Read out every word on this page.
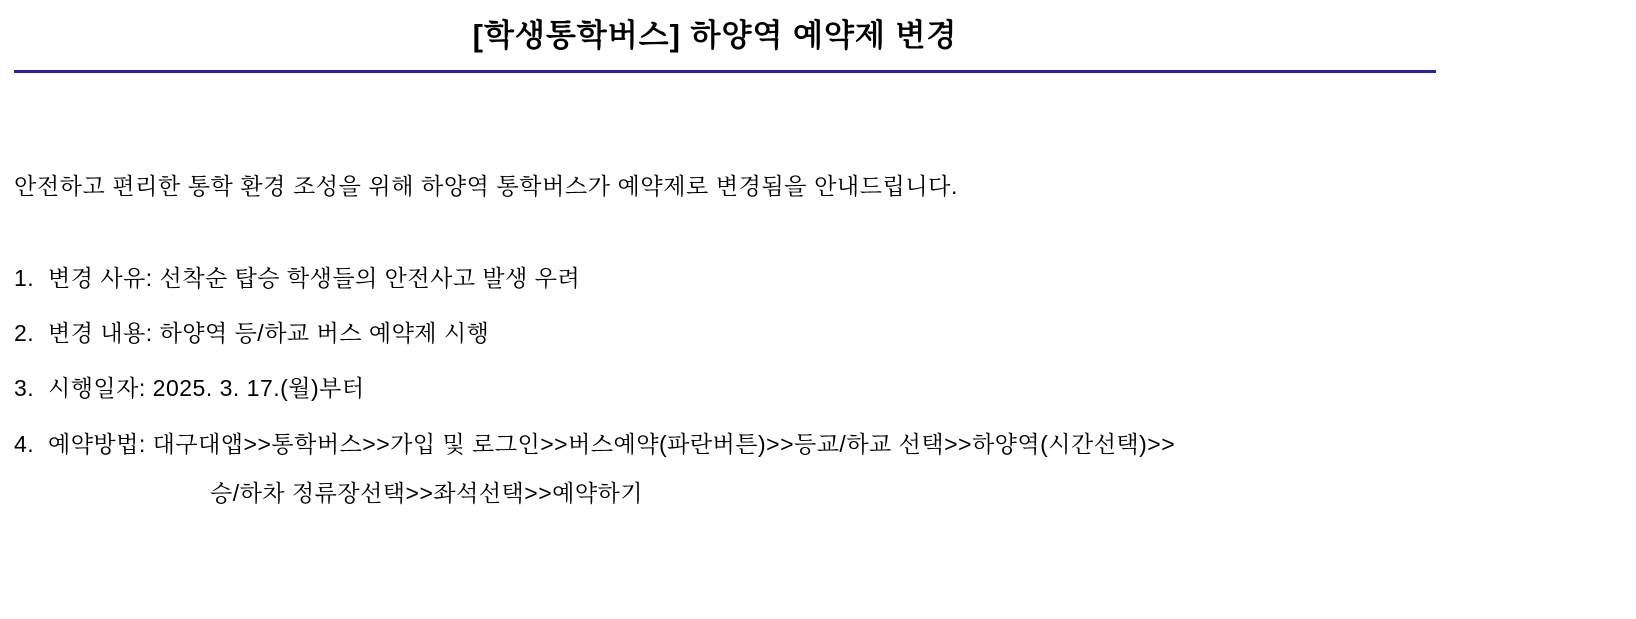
[학생통학버스] 하양역 예약제 변경
안전하고 편리한 통학 환경 조성을 위해 하양역 통학버스가 예약제로 변경됨을 안내드립니다.
1. 변경 사유: 선착순 탑승 학생들의 안전사고 발생 우려
2. 변경 내용: 하양역 등/하교 버스 예약제 시행
3. 시행일자: 2025. 3. 17.(월)부터
4. 예약방법: 대구대앱>>통학버스>>가입 및 로그인>>버스예약(파란버튼)>>등교/하교 선택>>하양역(시간선택)>>
승/하차 정류장선택>>좌석선택>>예약하기
